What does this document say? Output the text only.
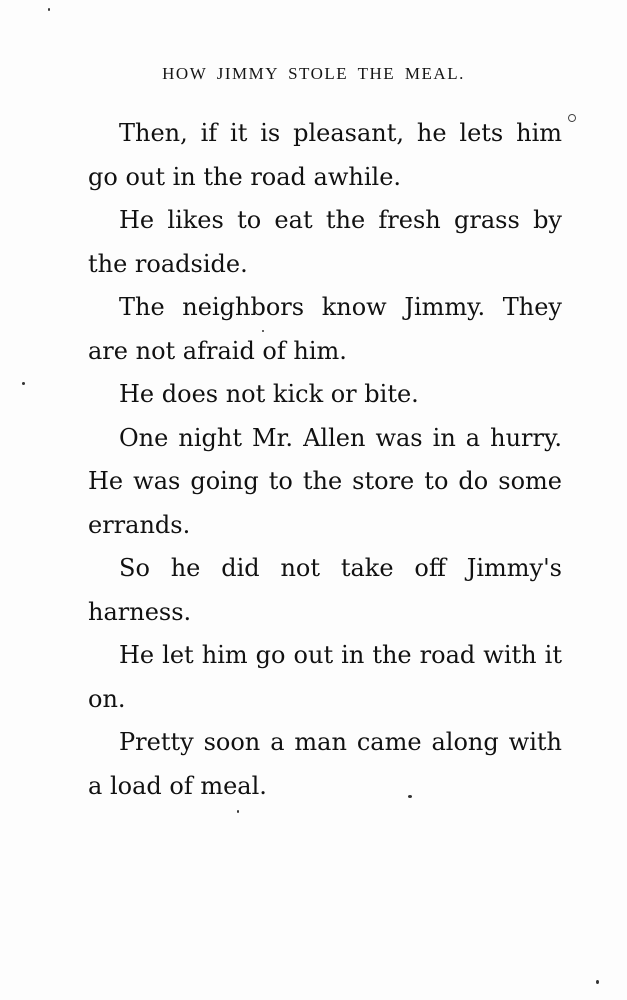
HOW JIMMY STOLE THE MEAL.

Then, if it is pleasant, he lets him go out in the road awhile.

He likes to eat the fresh grass by the roadside.

The neighbors know Jimmy. They are not afraid of him.

He does not kick or bite.

One night Mr. Allen was in a hurry. He was going to the store to do some errands.

So he did not take off Jimmy's harness.

He let him go out in the road with it on.

Pretty soon a man came along with a load of meal.
